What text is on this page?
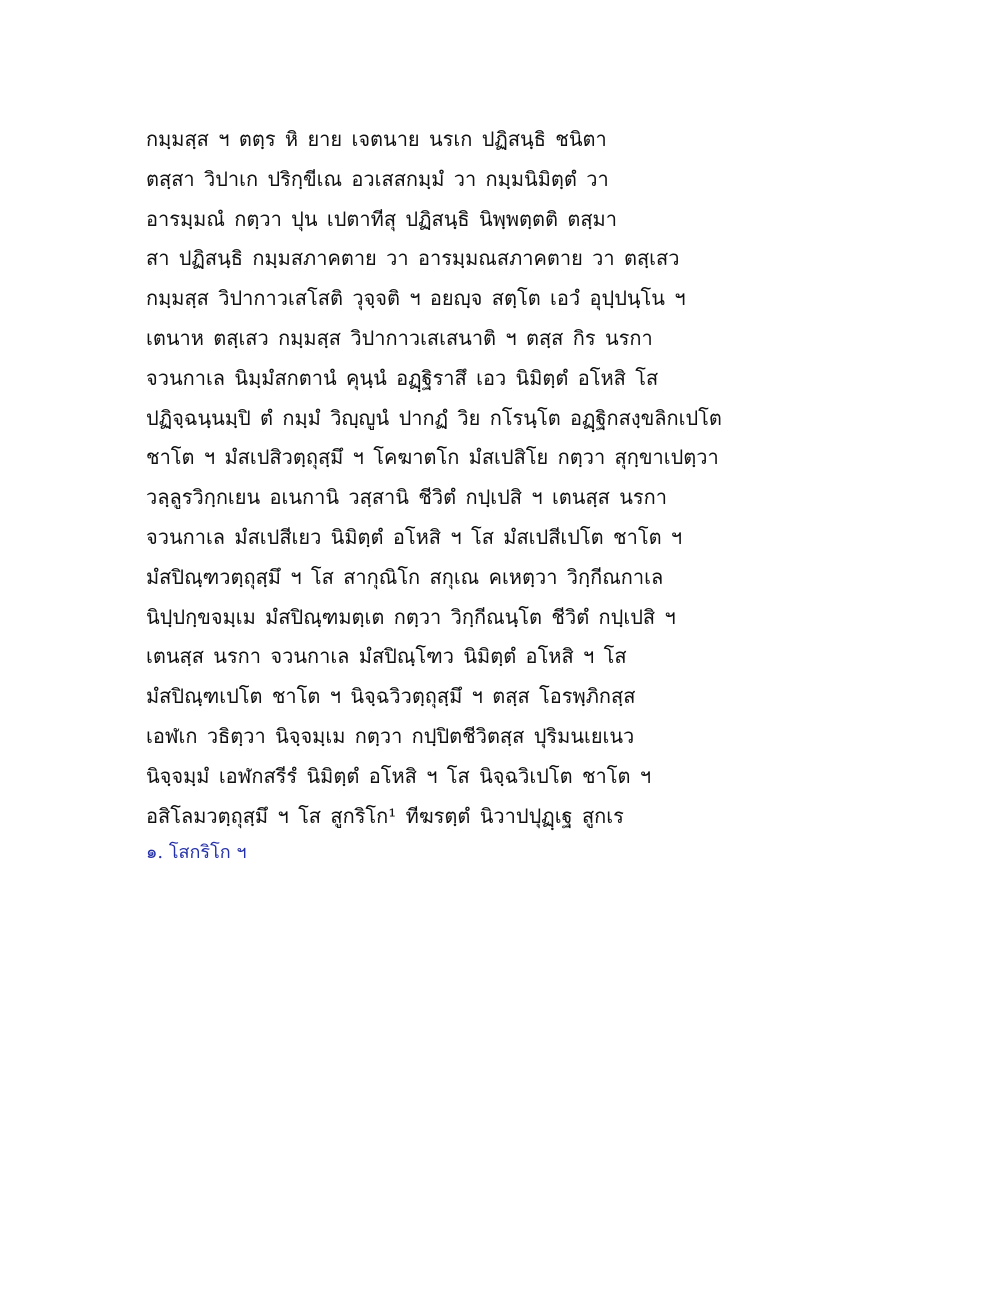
กมฺมสฺส ฯ ตตฺร หิ ยาย เจตนาย นรเก ปฏิสนฺธิ ชนิตา
ตสฺสา วิปาเก ปริกฺขีเณ อวเสสกมฺมํ วา กมฺมนิมิตฺตํ วา
อารมฺมณํ กตฺวา ปุน เปตาทีสุ ปฏิสนฺธิ นิพฺพตฺตติ ตสฺมา
สา ปฏิสนฺธิ กมฺมสภาคตาย วา อารมฺมณสภาคตาย วา ตสฺเสว
กมฺมสฺส วิปากาวเสโสติ วุจฺจติ ฯ อยญฺจ สตฺโต เอวํ อุปฺปนฺโน ฯ
เตนาห ตสฺเสว กมฺมสฺส วิปากาวเสเสนาติ ฯ ตสฺส กิร นรกา
จวนกาเล นิมฺมํสกตานํ คุนฺนํ อฏฺฐิราสึ เอว นิมิตฺตํ อโหสิ โส
ปฏิจฺฉนฺนมฺปิ ตํ กมฺมํ วิญฺญูนํ ปากฏํ วิย กโรนฺโต อฏฺฐิกสงฺขลิกเปโต
ชาโต ฯ มํสเปสิวตฺถุสฺมึ ฯ โคฆาตโก มํสเปสิโย กตฺวา สุกฺขาเปตฺวา
วลฺลูรวิกฺกเยน อเนกานิ วสฺสานิ ชีวิตํ กปฺเปสิ ฯ เตนสฺส นรกา
จวนกาเล มํสเปสีเยว นิมิตฺตํ อโหสิ ฯ โส มํสเปสีเปโต ชาโต ฯ
มํสปิณฺฑวตฺถุสฺมึ ฯ โส สากุณิโก สกุเณ คเหตฺวา วิกฺกีณกาเล
นิปฺปกฺขจมฺเม มํสปิณฺฑมตฺเต กตฺวา วิกฺกีณนฺโต ชีวิตํ กปฺเปสิ ฯ
เตนสฺส นรกา จวนกาเล มํสปิณฺโฑว นิมิตฺตํ อโหสิ ฯ โส
มํสปิณฺฑเปโต ชาโต ฯ นิจฺฉวิวตฺถุสฺมึ ฯ ตสฺส โอรพฺภิกสฺส
เอฬเก วธิตฺวา นิจฺจมฺเม กตฺวา กปฺปิตชีวิตสฺส ปุริมนเยเนว
นิจฺจมฺมํ เอฬกสรีรํ นิมิตฺตํ อโหสิ ฯ โส นิจฺฉวิเปโต ชาโต ฯ
อสิโลมวตฺถุสฺมึ ฯ โส สูกริโก¹ ทีฆรตฺตํ นิวาปปุฏฺเฐ สูกเร
๑. โสกริโก ฯ
